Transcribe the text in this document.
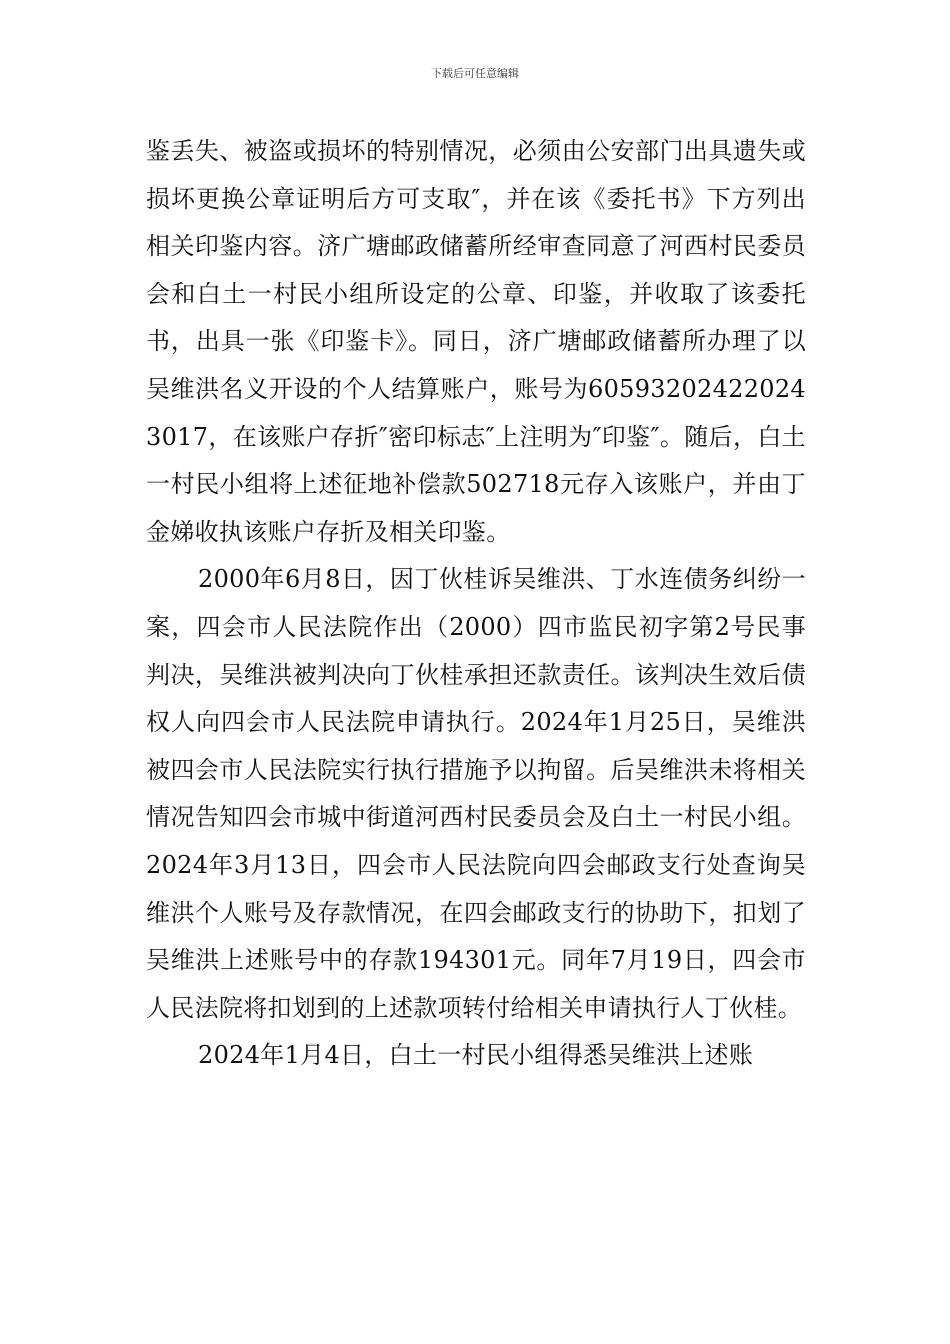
下载后可任意编辑

鉴丢失、被盗或损坏的特别情况，必须由公安部门出具遗失或损坏更换公章证明后方可支取″，并在该《委托书》下方列出相关印鉴内容。济广塘邮政储蓄所经审查同意了河西村民委员会和白土一村民小组所设定的公章、印鉴，并收取了该委托书，出具一张《印鉴卡》。同日，济广塘邮政储蓄所办理了以吴维洪名义开设的个人结算账户，账号为605932024220243017，在该账户存折″密印标志″上注明为″印鉴″。随后，白土一村民小组将上述征地补偿款502718元存入该账户，并由丁金娣收执该账户存折及相关印鉴。

2000年6月8日，因丁伙桂诉吴维洪、丁水连债务纠纷一案，四会市人民法院作出（2000）四市监民初字第2号民事判决，吴维洪被判决向丁伙桂承担还款责任。该判决生效后债权人向四会市人民法院申请执行。2024年1月25日，吴维洪被四会市人民法院实行执行措施予以拘留。后吴维洪未将相关情况告知四会市城中街道河西村民委员会及白土一村民小组。2024年3月13日，四会市人民法院向四会邮政支行处查询吴维洪个人账号及存款情况，在四会邮政支行的协助下，扣划了吴维洪上述账号中的存款194301元。同年7月19日，四会市人民法院将扣划到的上述款项转付给相关申请执行人丁伙桂。

2024年1月4日，白土一村民小组得悉吴维洪上述账
